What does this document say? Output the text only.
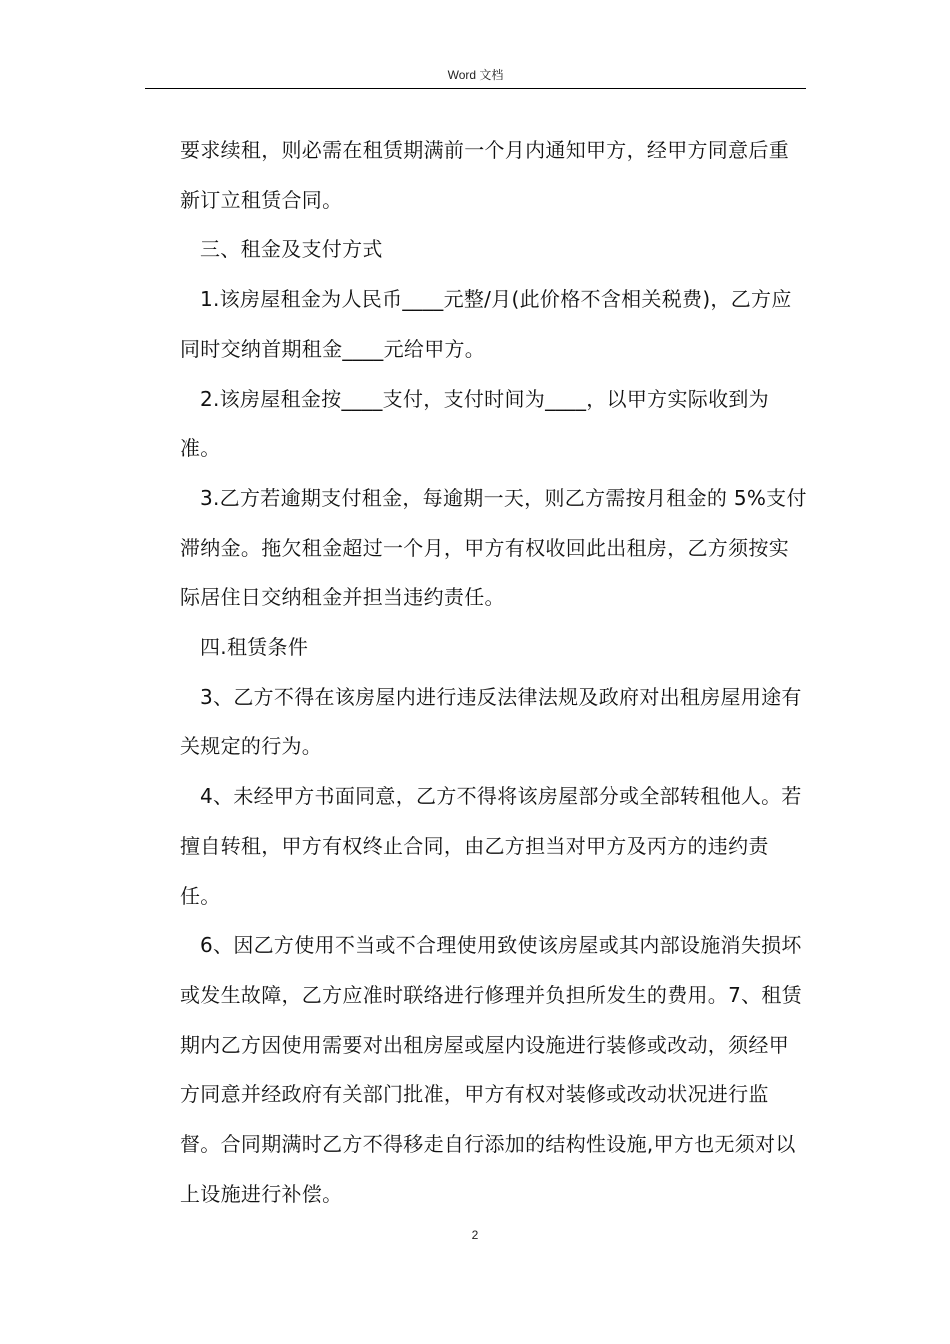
Word 文档

要求续租，则必需在租赁期满前一个月内通知甲方，经甲方同意后重新订立租赁合同。

三、租金及支付方式

1.该房屋租金为人民币____元整/月(此价格不含相关税费)，乙方应同时交纳首期租金____元给甲方。

2.该房屋租金按____支付，支付时间为____，以甲方实际收到为准。

3.乙方若逾期支付租金，每逾期一天，则乙方需按月租金的 5%支付滞纳金。拖欠租金超过一个月，甲方有权收回此出租房，乙方须按实际居住日交纳租金并担当违约责任。

四.租赁条件

3、乙方不得在该房屋内进行违反法律法规及政府对出租房屋用途有关规定的行为。

4、未经甲方书面同意，乙方不得将该房屋部分或全部转租他人。若擅自转租，甲方有权终止合同，由乙方担当对甲方及丙方的违约责任。

6、因乙方使用不当或不合理使用致使该房屋或其内部设施消失损坏或发生故障，乙方应准时联络进行修理并负担所发生的费用。7、租赁期内乙方因使用需要对出租房屋或屋内设施进行装修或改动，须经甲方同意并经政府有关部门批准，甲方有权对装修或改动状况进行监督。合同期满时乙方不得移走自行添加的结构性设施,甲方也无须对以上设施进行补偿。

2
